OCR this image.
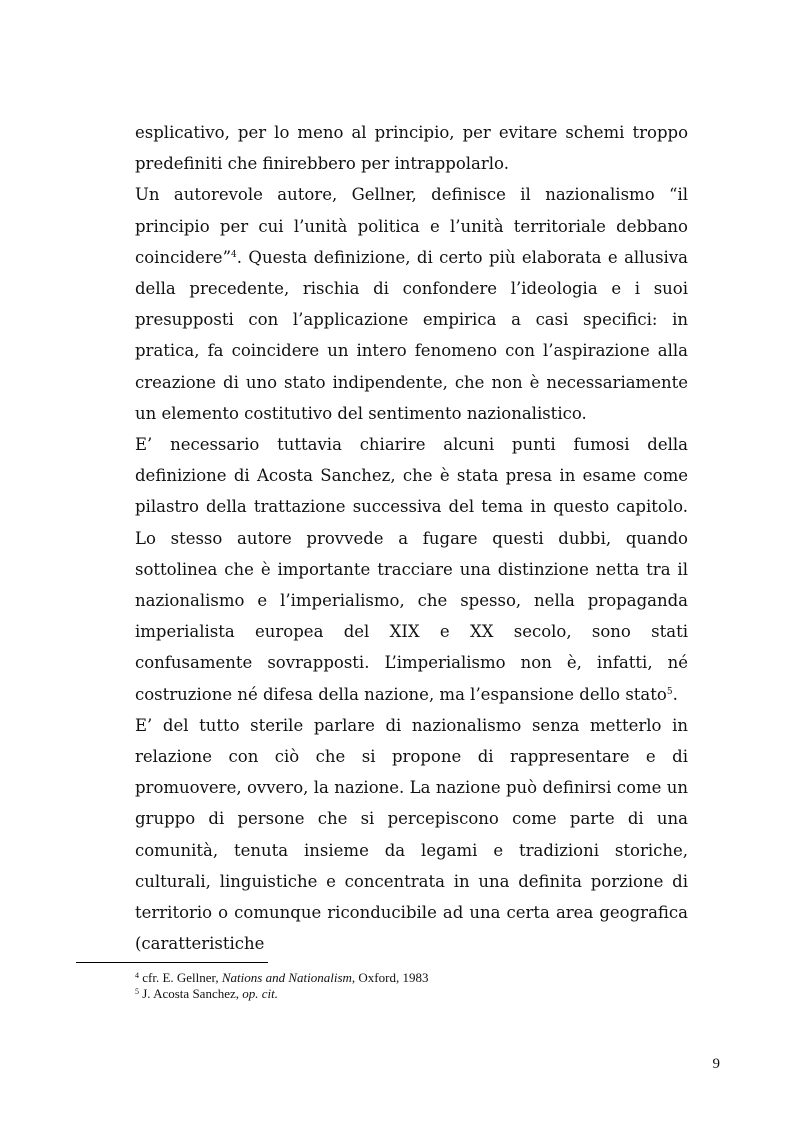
esplicativo, per lo meno al principio, per evitare schemi troppo predefiniti che finirebbero per intrappolarlo.

Un autorevole autore, Gellner, definisce il nazionalismo “il principio per cui l’unità politica e l’unità territoriale debbano coincidere”$^4$. Questa definizione, di certo più elaborata e allusiva della precedente, rischia di confondere l’ideologia e i suoi presupposti con l’applicazione empirica a casi specifici: in pratica, fa coincidere un intero fenomeno con l’aspirazione alla creazione di uno stato indipendente, che non è necessariamente un elemento costitutivo del sentimento nazionalistico.

E’ necessario tuttavia chiarire alcuni punti fumosi della definizione di Acosta Sanchez, che è stata presa in esame come pilastro della trattazione successiva del tema in questo capitolo. Lo stesso autore provvede a fugare questi dubbi, quando sottolinea che è importante tracciare una distinzione netta tra il nazionalismo e l’imperialismo, che spesso, nella propaganda imperialista europea del XIX e XX secolo, sono stati confusamente sovrapposti. L’imperialismo non è, infatti, né costruzione né difesa della nazione, ma l’espansione dello stato$^5$.

E’ del tutto sterile parlare di nazionalismo senza metterlo in relazione con ciò che si propone di rappresentare e di promuovere, ovvero, la nazione. La nazione può definirsi come un gruppo di persone che si percepiscono come parte di una comunità, tenuta insieme da legami e tradizioni storiche, culturali, linguistiche e concentrata in una definita porzione di territorio o comunque riconducibile ad una certa area geografica (caratteristiche

$^4$ cfr. E. Gellner, Nations and Nationalism, Oxford, 1983

$^5$ J. Acosta Sanchez, op. cit.

9
